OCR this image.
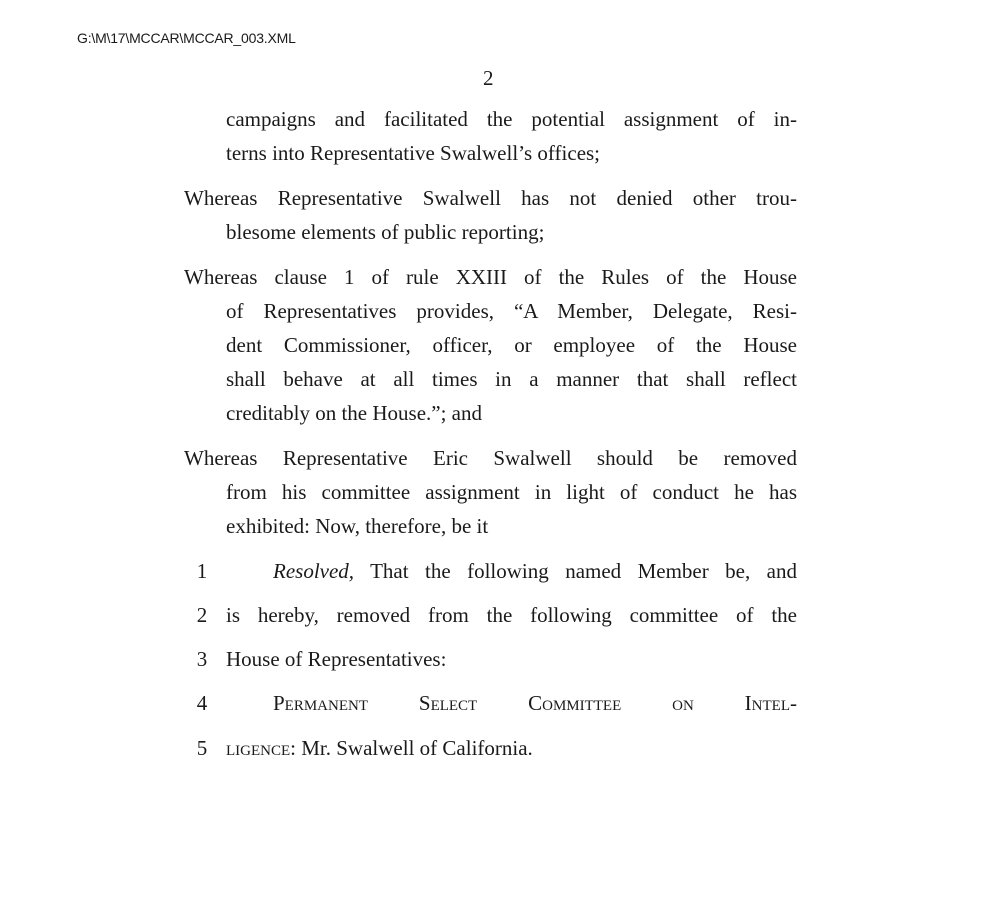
G:\M\17\MCCAR\MCCAR_003.XML
2
campaigns and facilitated the potential assignment of in-
terns into Representative Swalwell’s offices;
Whereas Representative Swalwell has not denied other trou-
blesome elements of public reporting;
Whereas clause 1 of rule XXIII of the Rules of the House
of Representatives provides, “A Member, Delegate, Resi-
dent Commissioner, officer, or employee of the House
shall behave at all times in a manner that shall reflect
creditably on the House.”; and
Whereas Representative Eric Swalwell should be removed
from his committee assignment in light of conduct he has
exhibited: Now, therefore, be it
1
2
3
4
5
Resolved, That the following named Member be, and
is hereby, removed from the following committee of the
House of Representatives:
Permanent Select Committee on Intel-
ligence: Mr. Swalwell of California.
